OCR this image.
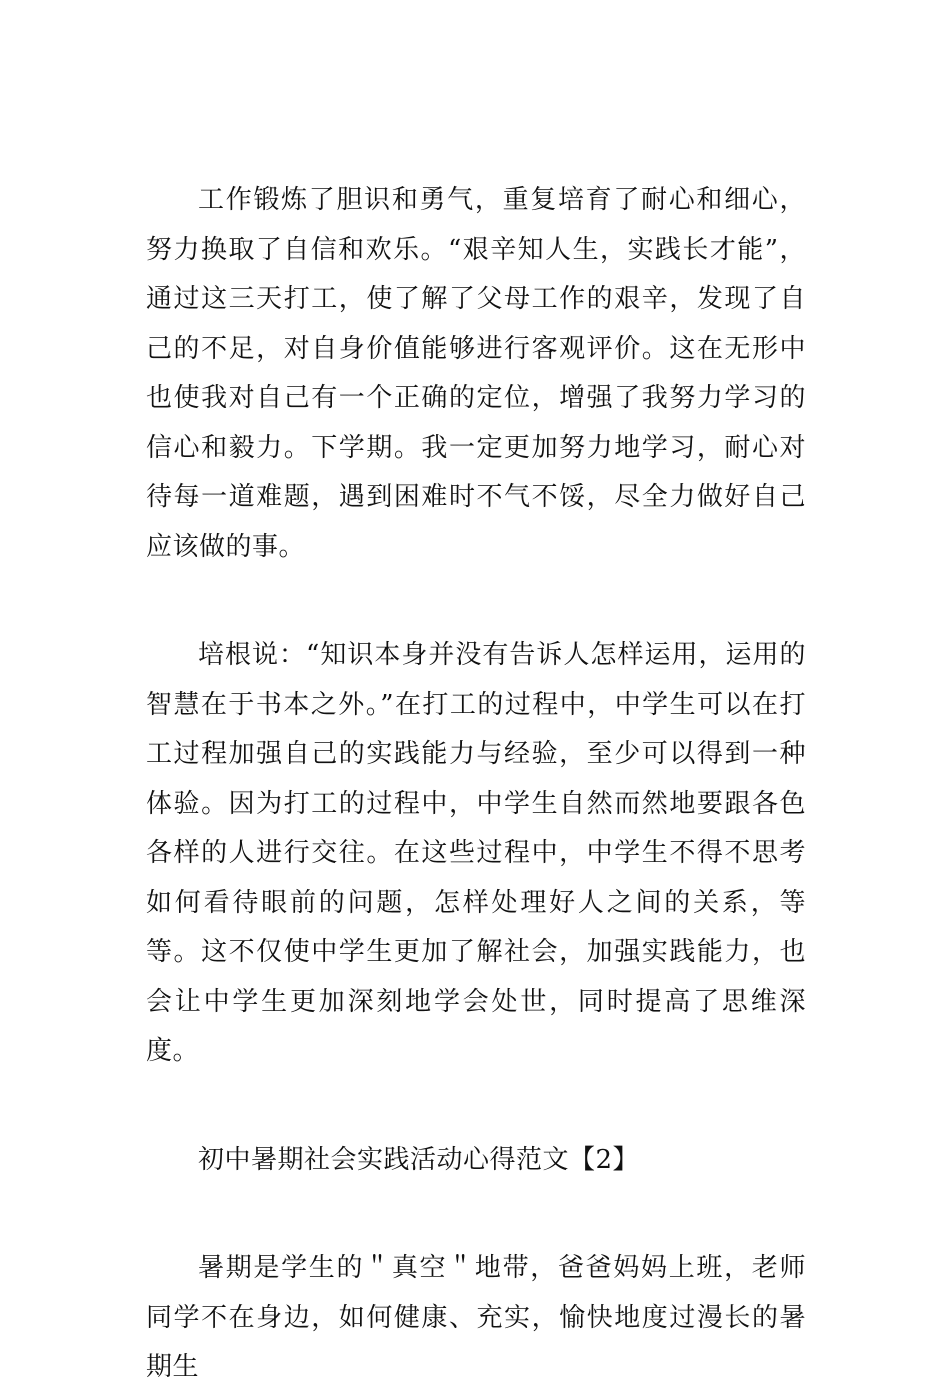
工作锻炼了胆识和勇气，重复培育了耐心和细心，努力换取了自信和欢乐。“艰辛知人生，实践长才能”，通过这三天打工，使了解了父母工作的艰辛，发现了自己的不足，对自身价值能够进行客观评价。这在无形中也使我对自己有一个正确的定位，增强了我努力学习的信心和毅力。下学期。我一定更加努力地学习，耐心对待每一道难题，遇到困难时不气不馁，尽全力做好自己应该做的事。

培根说：“知识本身并没有告诉人怎样运用，运用的智慧在于书本之外。”在打工的过程中，中学生可以在打工过程加强自己的实践能力与经验，至少可以得到一种体验。因为打工的过程中，中学生自然而然地要跟各色各样的人进行交往。在这些过程中，中学生不得不思考如何看待眼前的问题，怎样处理好人之间的关系，等等。这不仅使中学生更加了解社会，加强实践能力，也会让中学生更加深刻地学会处世，同时提高了思维深度。

初中暑期社会实践活动心得范文【2】

暑期是学生的＂真空＂地带，爸爸妈妈上班，老师同学不在身边，如何健康、充实，愉快地度过漫长的暑期生
